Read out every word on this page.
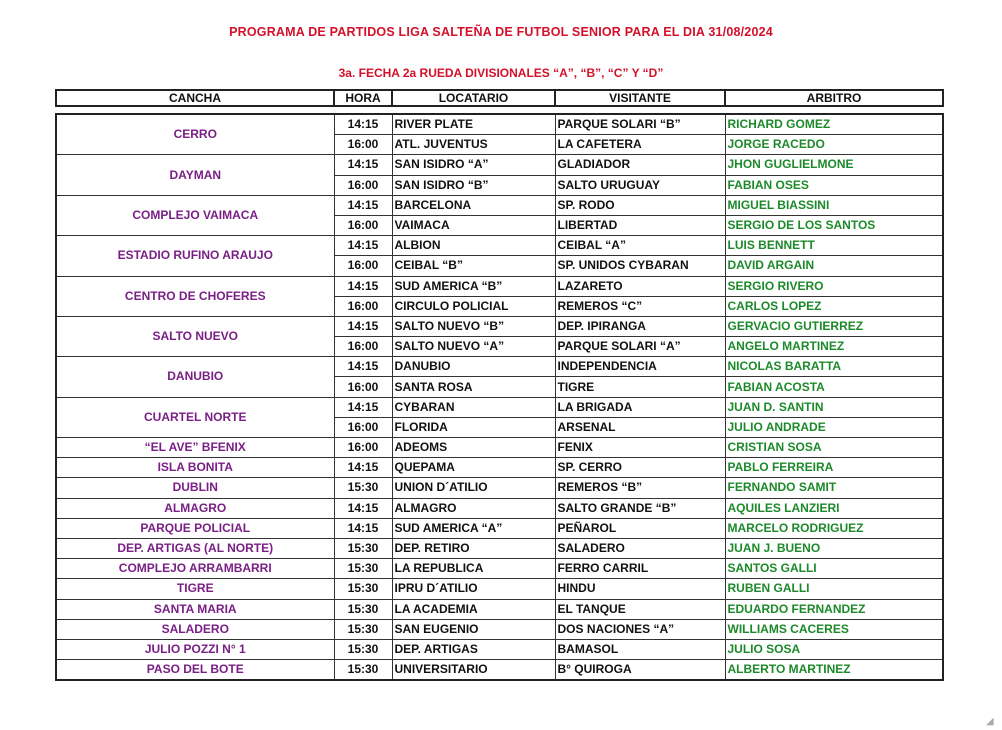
PROGRAMA DE PARTIDOS LIGA SALTEÑA DE FUTBOL SENIOR PARA EL DIA 31/08/2024
3a. FECHA 2a RUEDA DIVISIONALES “A”, “B”, “C” Y “D”
CANCHA	HORA	LOCATARIO	VISITANTE	ARBITRO
CERRO	14:15	RIVER PLATE	PARQUE SOLARI “B”	RICHARD GOMEZ
	16:00	ATL. JUVENTUS	LA CAFETERA	JORGE RACEDO
DAYMAN	14:15	SAN ISIDRO “A”	GLADIADOR	JHON GUGLIELMONE
	16:00	SAN ISIDRO “B”	SALTO URUGUAY	FABIAN OSES
COMPLEJO VAIMACA	14:15	BARCELONA	SP. RODO	MIGUEL BIASSINI
	16:00	VAIMACA	LIBERTAD	SERGIO DE LOS SANTOS
ESTADIO RUFINO ARAUJO	14:15	ALBION	CEIBAL “A”	LUIS BENNETT
	16:00	CEIBAL “B”	SP. UNIDOS CYBARAN	DAVID ARGAIN
CENTRO DE CHOFERES	14:15	SUD AMERICA “B”	LAZARETO	SERGIO RIVERO
	16:00	CIRCULO POLICIAL	REMEROS “C”	CARLOS LOPEZ
SALTO NUEVO	14:15	SALTO NUEVO “B”	DEP. IPIRANGA	GERVACIO GUTIERREZ
	16:00	SALTO NUEVO “A”	PARQUE SOLARI “A”	ANGELO MARTINEZ
DANUBIO	14:15	DANUBIO	INDEPENDENCIA	NICOLAS BARATTA
	16:00	SANTA ROSA	TIGRE	FABIAN ACOSTA
CUARTEL NORTE	14:15	CYBARAN	LA BRIGADA	JUAN D. SANTIN
	16:00	FLORIDA	ARSENAL	JULIO ANDRADE
“EL AVE” BFENIX	16:00	ADEOMS	FENIX	CRISTIAN SOSA
ISLA BONITA	14:15	QUEPAMA	SP. CERRO	PABLO FERREIRA
DUBLIN	15:30	UNION D´ATILIO	REMEROS “B”	FERNANDO SAMIT
ALMAGRO	14:15	ALMAGRO	SALTO GRANDE “B”	AQUILES LANZIERI
PARQUE POLICIAL	14:15	SUD AMERICA “A”	PEÑAROL	MARCELO RODRIGUEZ
DEP. ARTIGAS (AL NORTE)	15:30	DEP. RETIRO	SALADERO	JUAN J. BUENO
COMPLEJO ARRAMBARRI	15:30	LA REPUBLICA	FERRO CARRIL	SANTOS GALLI
TIGRE	15:30	IPRU D´ATILIO	HINDU	RUBEN GALLI
SANTA MARIA	15:30	LA ACADEMIA	EL TANQUE	EDUARDO FERNANDEZ
SALADERO	15:30	SAN EUGENIO	DOS NACIONES “A”	WILLIAMS CACERES
JULIO POZZI N° 1	15:30	DEP. ARTIGAS	BAMASOL	JULIO SOSA
PASO DEL BOTE	15:30	UNIVERSITARIO	B° QUIROGA	ALBERTO MARTINEZ
◢
